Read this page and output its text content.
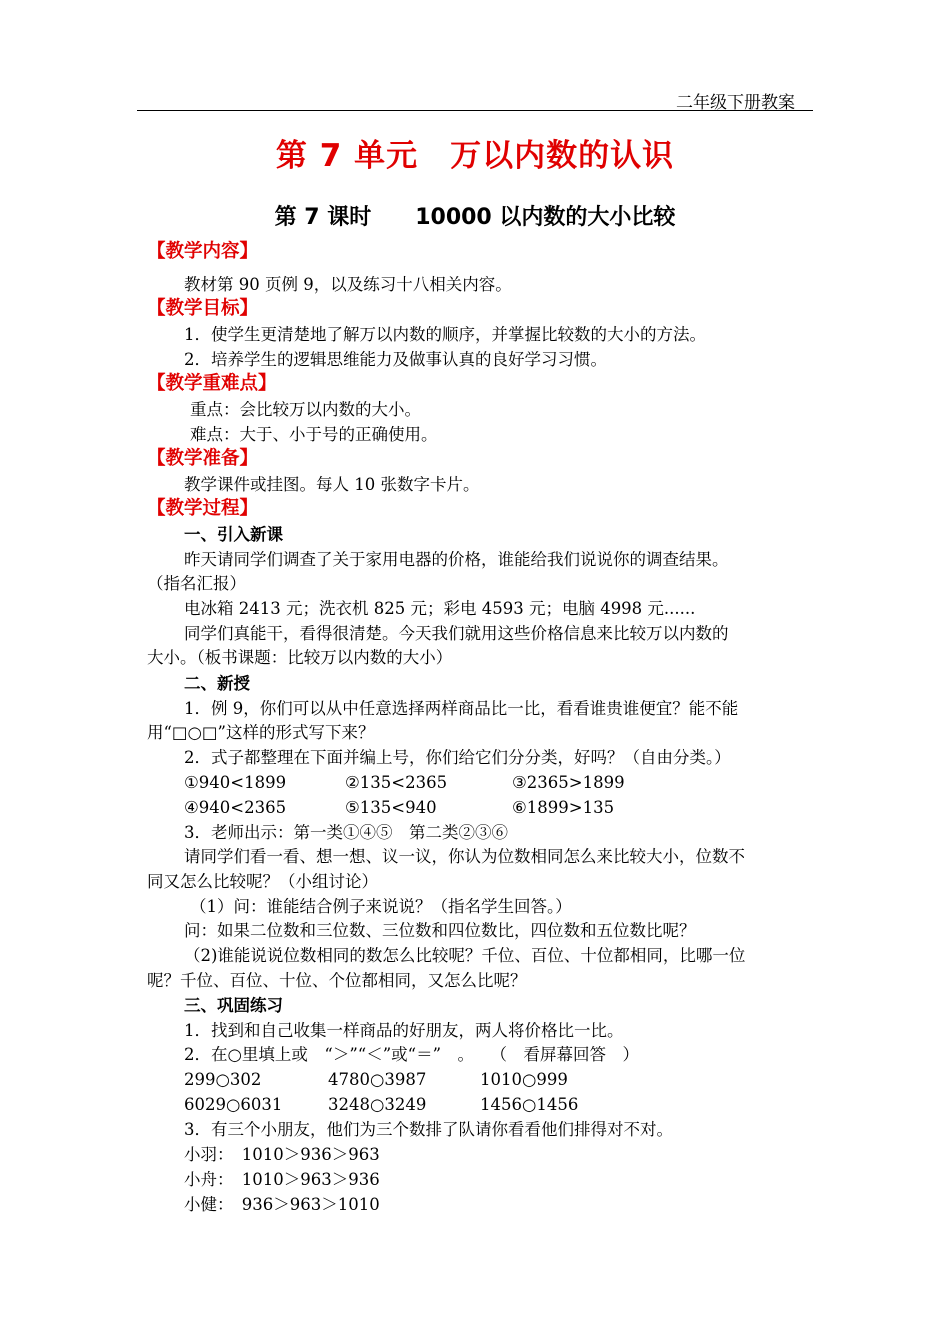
二年级下册教案
第 7 单元　万以内数的认识
第 7 课时　　10000 以内数的大小比较
【教学内容】
教材第 90 页例 9，以及练习十八相关内容。
【教学目标】
1．使学生更清楚地了解万以内数的顺序，并掌握比较数的大小的方法。
2．培养学生的逻辑思维能力及做事认真的良好学习习惯。
【教学重难点】
重点：会比较万以内数的大小。
难点：大于、小于号的正确使用。
【教学准备】
教学课件或挂图。每人 10 张数字卡片。
【教学过程】
一、引入新课
昨天请同学们调查了关于家用电器的价格，谁能给我们说说你的调查结果。
（指名汇报）
电冰箱 2413 元；洗衣机 825 元；彩电 4593 元；电脑 4998 元......
同学们真能干，看得很清楚。今天我们就用这些价格信息来比较万以内数的
大小。（板书课题：比较万以内数的大小）
二、新授
1．例 9，你们可以从中任意选择两样商品比一比，看看谁贵谁便宜？能不能
用“□○□”这样的形式写下来？
2．式子都整理在下面并编上号，你们给它们分分类，好吗？（自由分类。）
①940<1899	②135<2365	③2365>1899
④940<2365	⑤135<940	⑥1899>135
3．老师出示：第一类①④⑤　第二类②③⑥
请同学们看一看、想一想、议一议，你认为位数相同怎么来比较大小，位数不
同又怎么比较呢？（小组讨论）
（1）问：谁能结合例子来说说？（指名学生回答。）
问：如果二位数和三位数、三位数和四位数比，四位数和五位数比呢？
（2)谁能说说位数相同的数怎么比较呢？千位、百位、十位都相同，比哪一位
呢？千位、百位、十位、个位都相同，又怎么比呢？
三、巩固练习
1．找到和自己收集一样商品的好朋友，两人将价格比一比。
2．在○里填上或　“＞”“＜”或“＝”　。　　（　看屏幕回答　）
299○302	4780○3987	1010○999
6029○6031	3248○3249	1456○1456
3．有三个小朋友，他们为三个数排了队请你看看他们排得对不对。
小羽：　1010＞936＞963
小舟：　1010＞963＞936
小健：　936＞963＞1010
